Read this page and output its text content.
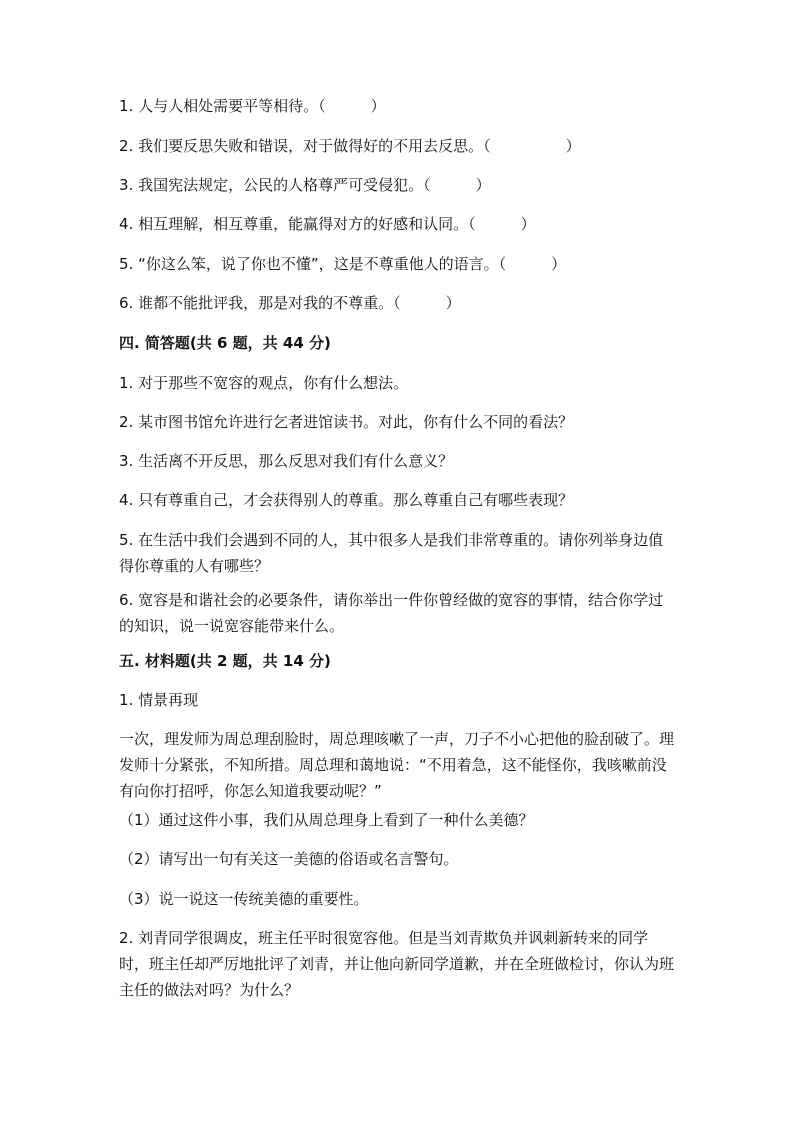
1. 人与人相处需要平等相待。（　　　）
2. 我们要反思失败和错误，对于做得好的不用去反思。（　　　　　）
3. 我国宪法规定，公民的人格尊严可受侵犯。（　　　）
4. 相互理解，相互尊重，能赢得对方的好感和认同。（　　　）
5. “你这么笨，说了你也不懂”，这是不尊重他人的语言。（　　　）
6. 谁都不能批评我，那是对我的不尊重。（　　　）
四. 简答题(共 6 题，共 44 分)
1. 对于那些不宽容的观点，你有什么想法。
2. 某市图书馆允许进行乞者进馆读书。对此，你有什么不同的看法？
3. 生活离不开反思，那么反思对我们有什么意义？
4. 只有尊重自己，才会获得别人的尊重。那么尊重自己有哪些表现？
5. 在生活中我们会遇到不同的人，其中很多人是我们非常尊重的。请你列举身边值得你尊重的人有哪些？
6. 宽容是和谐社会的必要条件，请你举出一件你曾经做的宽容的事情，结合你学过的知识，说一说宽容能带来什么。
五. 材料题(共 2 题，共 14 分)
1. 情景再现
一次，理发师为周总理刮脸时，周总理咳嗽了一声，刀子不小心把他的脸刮破了。理发师十分紧张，不知所措。周总理和蔼地说：“不用着急，这不能怪你，我咳嗽前没有向你打招呼，你怎么知道我要动呢？”
（1）通过这件小事，我们从周总理身上看到了一种什么美德？
（2）请写出一句有关这一美德的俗语或名言警句。
（3）说一说这一传统美德的重要性。
2. 刘青同学很调皮，班主任平时很宽容他。但是当刘青欺负并讽刺新转来的同学时，班主任却严厉地批评了刘青，并让他向新同学道歉，并在全班做检讨，你认为班主任的做法对吗？为什么？
